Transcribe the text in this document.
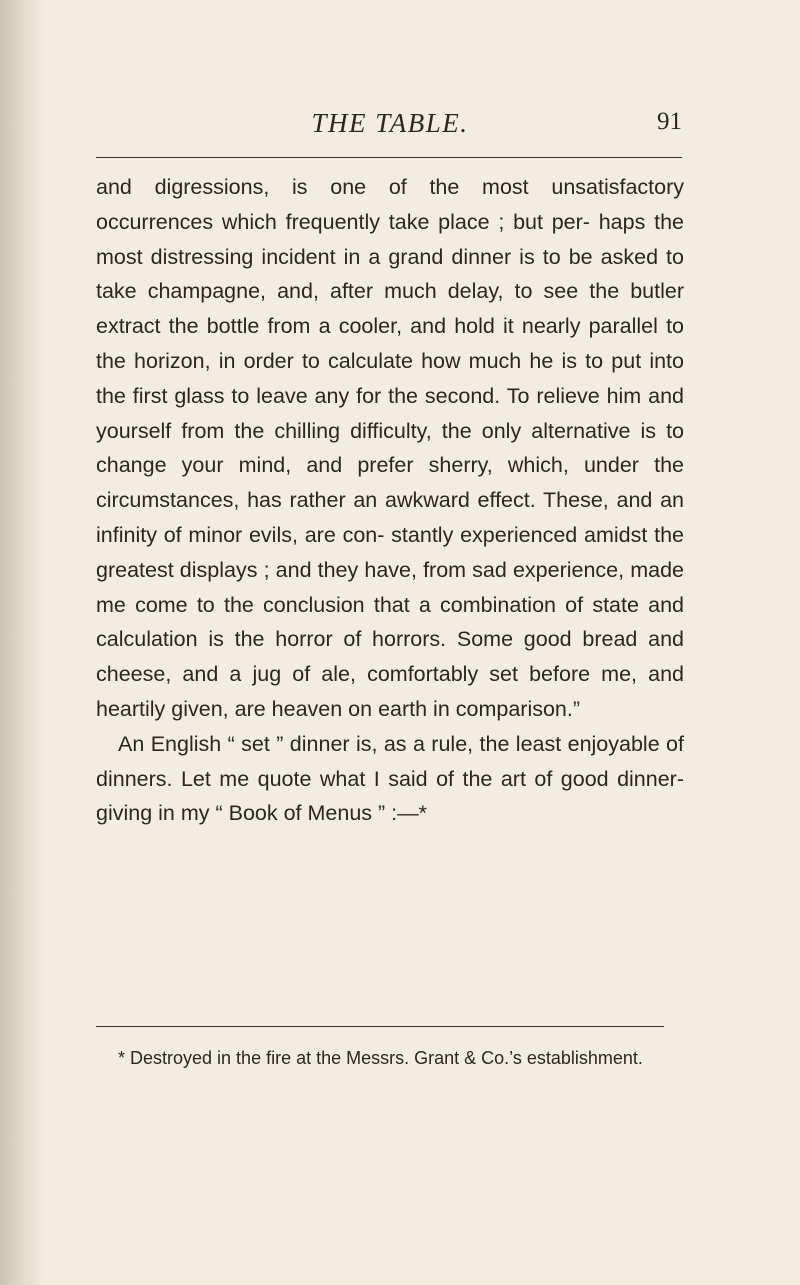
THE TABLE.	91

and digressions, is one of the most unsatisfactory occurrences which frequently take place ; but per- haps the most distressing incident in a grand dinner is to be asked to take champagne, and, after much delay, to see the butler extract the bottle from a cooler, and hold it nearly parallel to the horizon, in order to calculate how much he is to put into the first glass to leave any for the second. To relieve him and yourself from the chilling difficulty, the only alternative is to change your mind, and prefer sherry, which, under the circumstances, has rather an awkward effect. These, and an infinity of minor evils, are con- stantly experienced amidst the greatest displays ; and they have, from sad experience, made me come to the conclusion that a combination of state and calculation is the horror of horrors. Some good bread and cheese, and a jug of ale, comfortably set before me, and heartily given, are heaven on earth in comparison.”

An English “ set ” dinner is, as a rule, the least enjoyable of dinners. Let me quote what I said of the art of good dinner-giving in my “ Book of Menus ” :—*

* Destroyed in the fire at the Messrs. Grant & Co.’s establishment.
